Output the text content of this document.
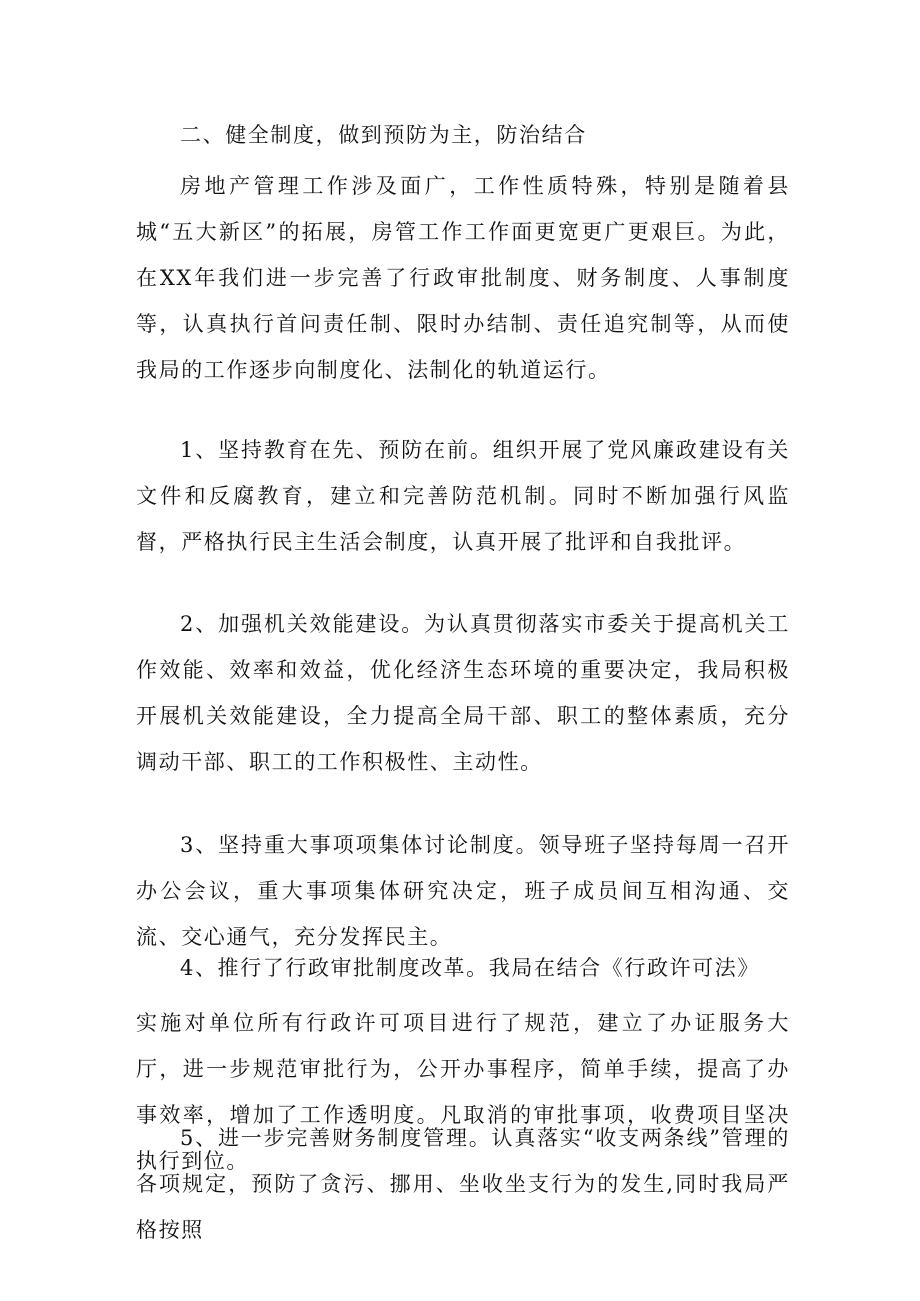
二、健全制度，做到预防为主，防治结合

房地产管理工作涉及面广，工作性质特殊，特别是随着县城“五大新区”的拓展，房管工作工作面更宽更广更艰巨。为此，在XX年我们进一步完善了行政审批制度、财务制度、人事制度等，认真执行首问责任制、限时办结制、责任追究制等，从而使我局的工作逐步向制度化、法制化的轨道运行。

1、坚持教育在先、预防在前。组织开展了党风廉政建设有关文件和反腐教育，建立和完善防范机制。同时不断加强行风监督，严格执行民主生活会制度，认真开展了批评和自我批评。

2、加强机关效能建设。为认真贯彻落实市委关于提高机关工作效能、效率和效益，优化经济生态环境的重要决定，我局积极开展机关效能建设，全力提高全局干部、职工的整体素质，充分调动干部、职工的工作积极性、主动性。

3、坚持重大事项项集体讨论制度。领导班子坚持每周一召开办公会议，重大事项集体研究决定，班子成员间互相沟通、交流、交心通气，充分发挥民主。

4、推行了行政审批制度改革。我局在结合《行政许可法》

实施对单位所有行政许可项目进行了规范，建立了办证服务大厅，进一步规范审批行为，公开办事程序，简单手续，提高了办事效率，增加了工作透明度。凡取消的审批事项，收费项目坚决执行到位。

5、进一步完善财务制度管理。认真落实“收支两条线”管理的各项规定，预防了贪污、挪用、坐收坐支行为的发生,同时我局严格按照
